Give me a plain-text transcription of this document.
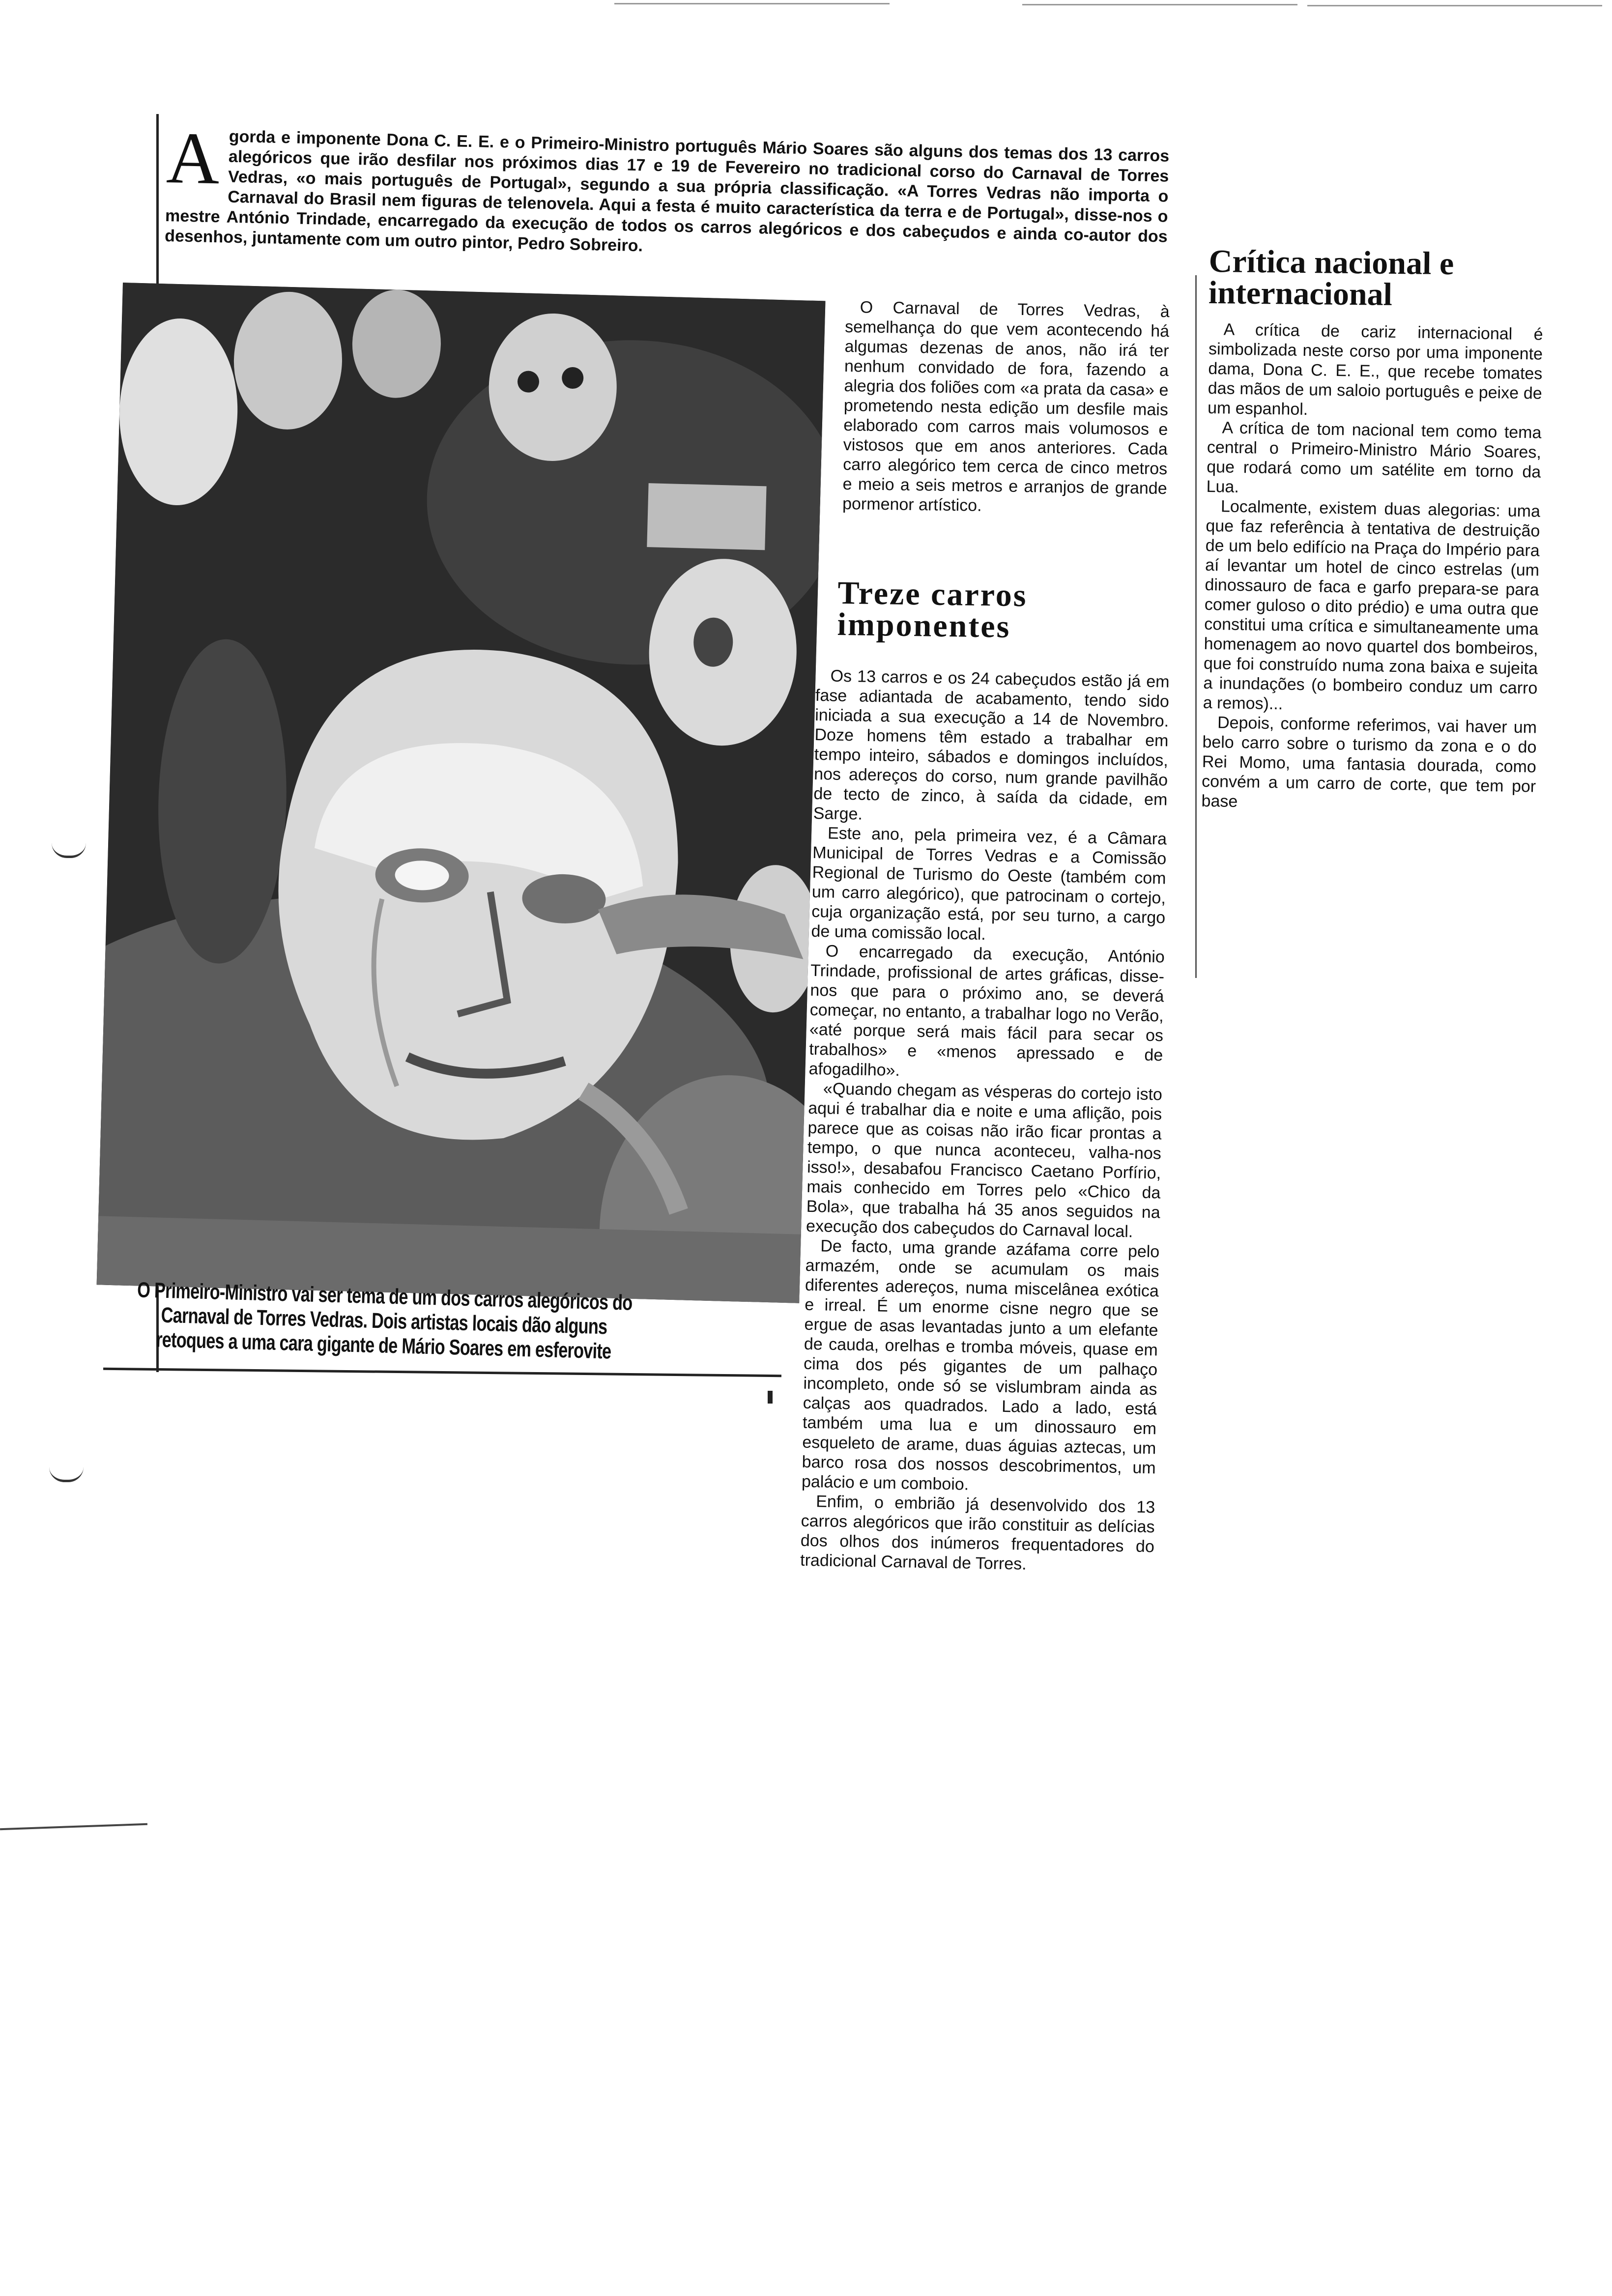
A gorda e imponente Dona C. E. E. e o Primeiro-Ministro português Mário Soares são alguns dos temas dos 13 carros alegóricos que irão desfilar nos próximos dias 17 e 19 de Fevereiro no tradicional corso do Carnaval de Torres Vedras, «o mais português de Portugal», segundo a sua própria classificação. «A Torres Vedras não importa o Carnaval do Brasil nem figuras de telenovela. Aqui a festa é muito característica da terra e de Portugal», disse-nos o mestre António Trindade, encarregado da execução de todos os carros alegóricos e dos cabeçudos e ainda co-autor dos desenhos, juntamente com um outro pintor, Pedro Sobreiro.
O Primeiro-Ministro vai ser tema de um dos carros alegóricos do Carnaval de Torres Vedras. Dois artistas locais dão alguns retoques a uma cara gigante de Mário Soares em esferovite

O Carnaval de Torres Vedras, à semelhança do que vem acontecendo há algumas dezenas de anos, não irá ter nenhum convidado de fora, fazendo a alegria dos foliões com «a prata da casa» e prometendo nesta edição um desfile mais elaborado com carros mais volumosos e vistosos que em anos anteriores. Cada carro alegórico tem cerca de cinco metros e meio a seis metros e arranjos de grande pormenor artístico.

Treze carros imponentes

Os 13 carros e os 24 cabeçudos estão já em fase adiantada de acabamento, tendo sido iniciada a sua execução a 14 de Novembro. Doze homens têm estado a trabalhar em tempo inteiro, sábados e domingos incluídos, nos adereços do corso, num grande pavilhão de tecto de zinco, à saída da cidade, em Sarge.

Este ano, pela primeira vez, é a Câmara Municipal de Torres Vedras e a Comissão Regional de Turismo do Oeste (também com um carro alegórico), que patrocinam o cortejo, cuja organização está, por seu turno, a cargo de uma comissão local.

O encarregado da execução, António Trindade, profissional de artes gráficas, disse-nos que para o próximo ano, se deverá começar, no entanto, a trabalhar logo no Verão, «até porque será mais fácil para secar os trabalhos» e «menos apressado e de afogadilho».

«Quando chegam as vésperas do cortejo isto aqui é trabalhar dia e noite e uma aflição, pois parece que as coisas não irão ficar prontas a tempo, o que nunca aconteceu, valha-nos isso!», desabafou Francisco Caetano Porfírio, mais conhecido em Torres pelo «Chico da Bola», que trabalha há 35 anos seguidos na execução dos cabeçudos do Carnaval local.

De facto, uma grande azáfama corre pelo armazém, onde se acumulam os mais diferentes adereços, numa miscelânea exótica e irreal. É um enorme cisne negro que se ergue de asas levantadas junto a um elefante de cauda, orelhas e tromba móveis, quase em cima dos pés gigantes de um palhaço incompleto, onde só se vislumbram ainda as calças aos quadrados. Lado a lado, está também uma lua e um dinossauro em esqueleto de arame, duas águias aztecas, um barco rosa dos nossos descobrimentos, um palácio e um comboio.

Enfim, o embrião já desenvolvido dos 13 carros alegóricos que irão constituir as delícias dos olhos dos inúmeros frequentadores do tradicional Carnaval de Torres.

Crítica nacional e internacional

A crítica de cariz internacional é simbolizada neste corso por uma imponente dama, Dona C. E. E., que recebe tomates das mãos de um saloio português e peixe de um espanhol.

A crítica de tom nacional tem como tema central o Primeiro-Ministro Mário Soares, que rodará como um satélite em torno da Lua.

Localmente, existem duas alegorias: uma que faz referência à tentativa de destruição de um belo edifício na Praça do Império para aí levantar um hotel de cinco estrelas (um dinossauro de faca e garfo prepara-se para comer guloso o dito prédio) e uma outra que constitui uma crítica e simultaneamente uma homenagem ao novo quartel dos bombeiros, que foi construído numa zona baixa e sujeita a inundações (o bombeiro conduz um carro a remos)...

Depois, conforme referimos, vai haver um belo carro sobre o turismo da zona e o do Rei Momo, uma fantasia dourada, como convém a um carro de corte, que tem por base
